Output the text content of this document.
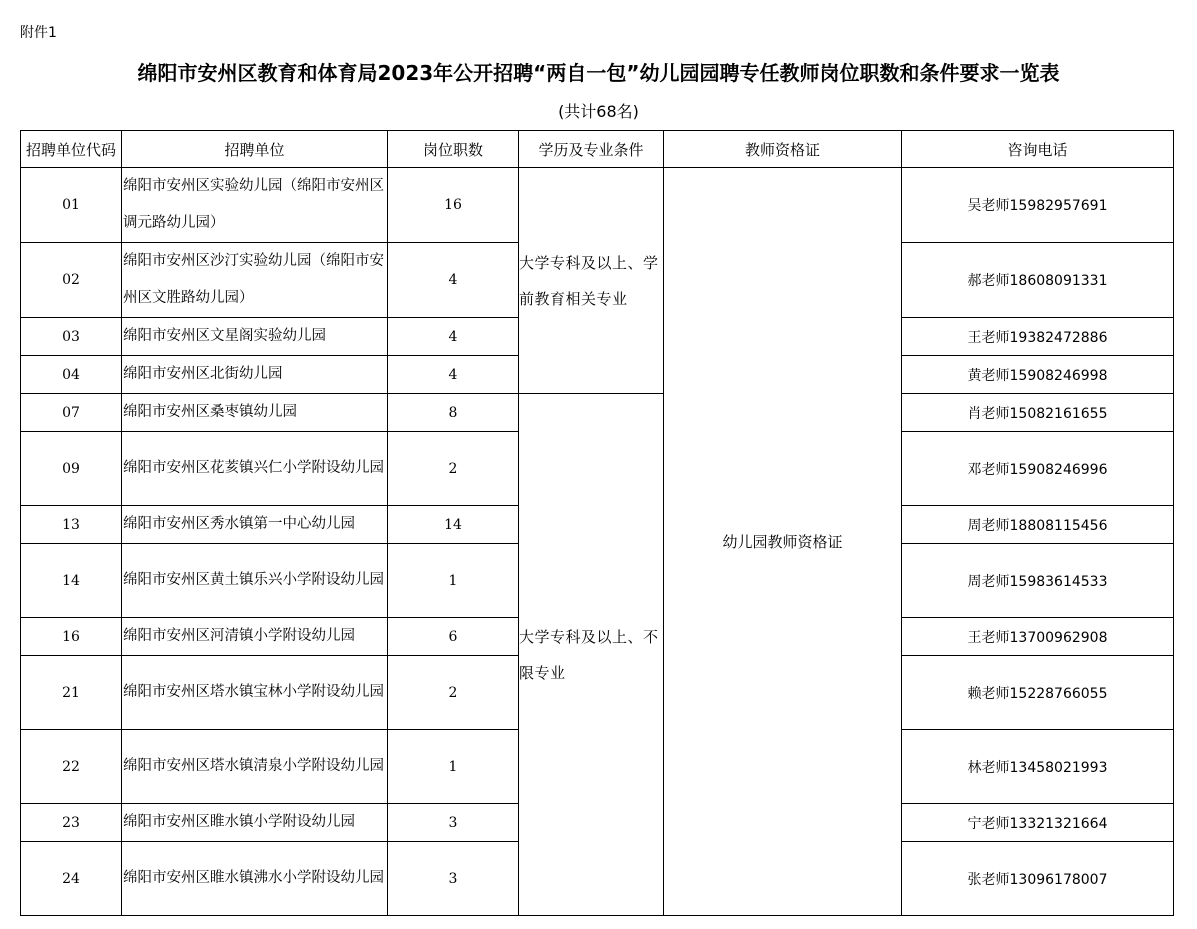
附件1
绵阳市安州区教育和体育局2023年公开招聘“两自一包”幼儿园园聘专任教师岗位职数和条件要求一览表
(共计68名)
招聘单位代码	招聘单位	岗位职数	学历及专业条件	教师资格证	咨询电话
01	绵阳市安州区实验幼儿园（绵阳市安州区调元路幼儿园）	16	大学专科及以上、学前教育相关专业	幼儿园教师资格证	吴老师15982957691
02	绵阳市安州区沙汀实验幼儿园（绵阳市安州区文胜路幼儿园）	4			郝老师18608091331
03	绵阳市安州区文星阁实验幼儿园	4			王老师19382472886
04	绵阳市安州区北街幼儿园	4			黄老师15908246998
07	绵阳市安州区桑枣镇幼儿园	8	大学专科及以上、不限专业		肖老师15082161655
09	绵阳市安州区花荄镇兴仁小学附设幼儿园	2			邓老师15908246996
13	绵阳市安州区秀水镇第一中心幼儿园	14			周老师18808115456
14	绵阳市安州区黄土镇乐兴小学附设幼儿园	1			周老师15983614533
16	绵阳市安州区河清镇小学附设幼儿园	6			王老师13700962908
21	绵阳市安州区塔水镇宝林小学附设幼儿园	2			赖老师15228766055
22	绵阳市安州区塔水镇清泉小学附设幼儿园	1			林老师13458021993
23	绵阳市安州区睢水镇小学附设幼儿园	3			宁老师13321321664
24	绵阳市安州区睢水镇沸水小学附设幼儿园	3			张老师13096178007
